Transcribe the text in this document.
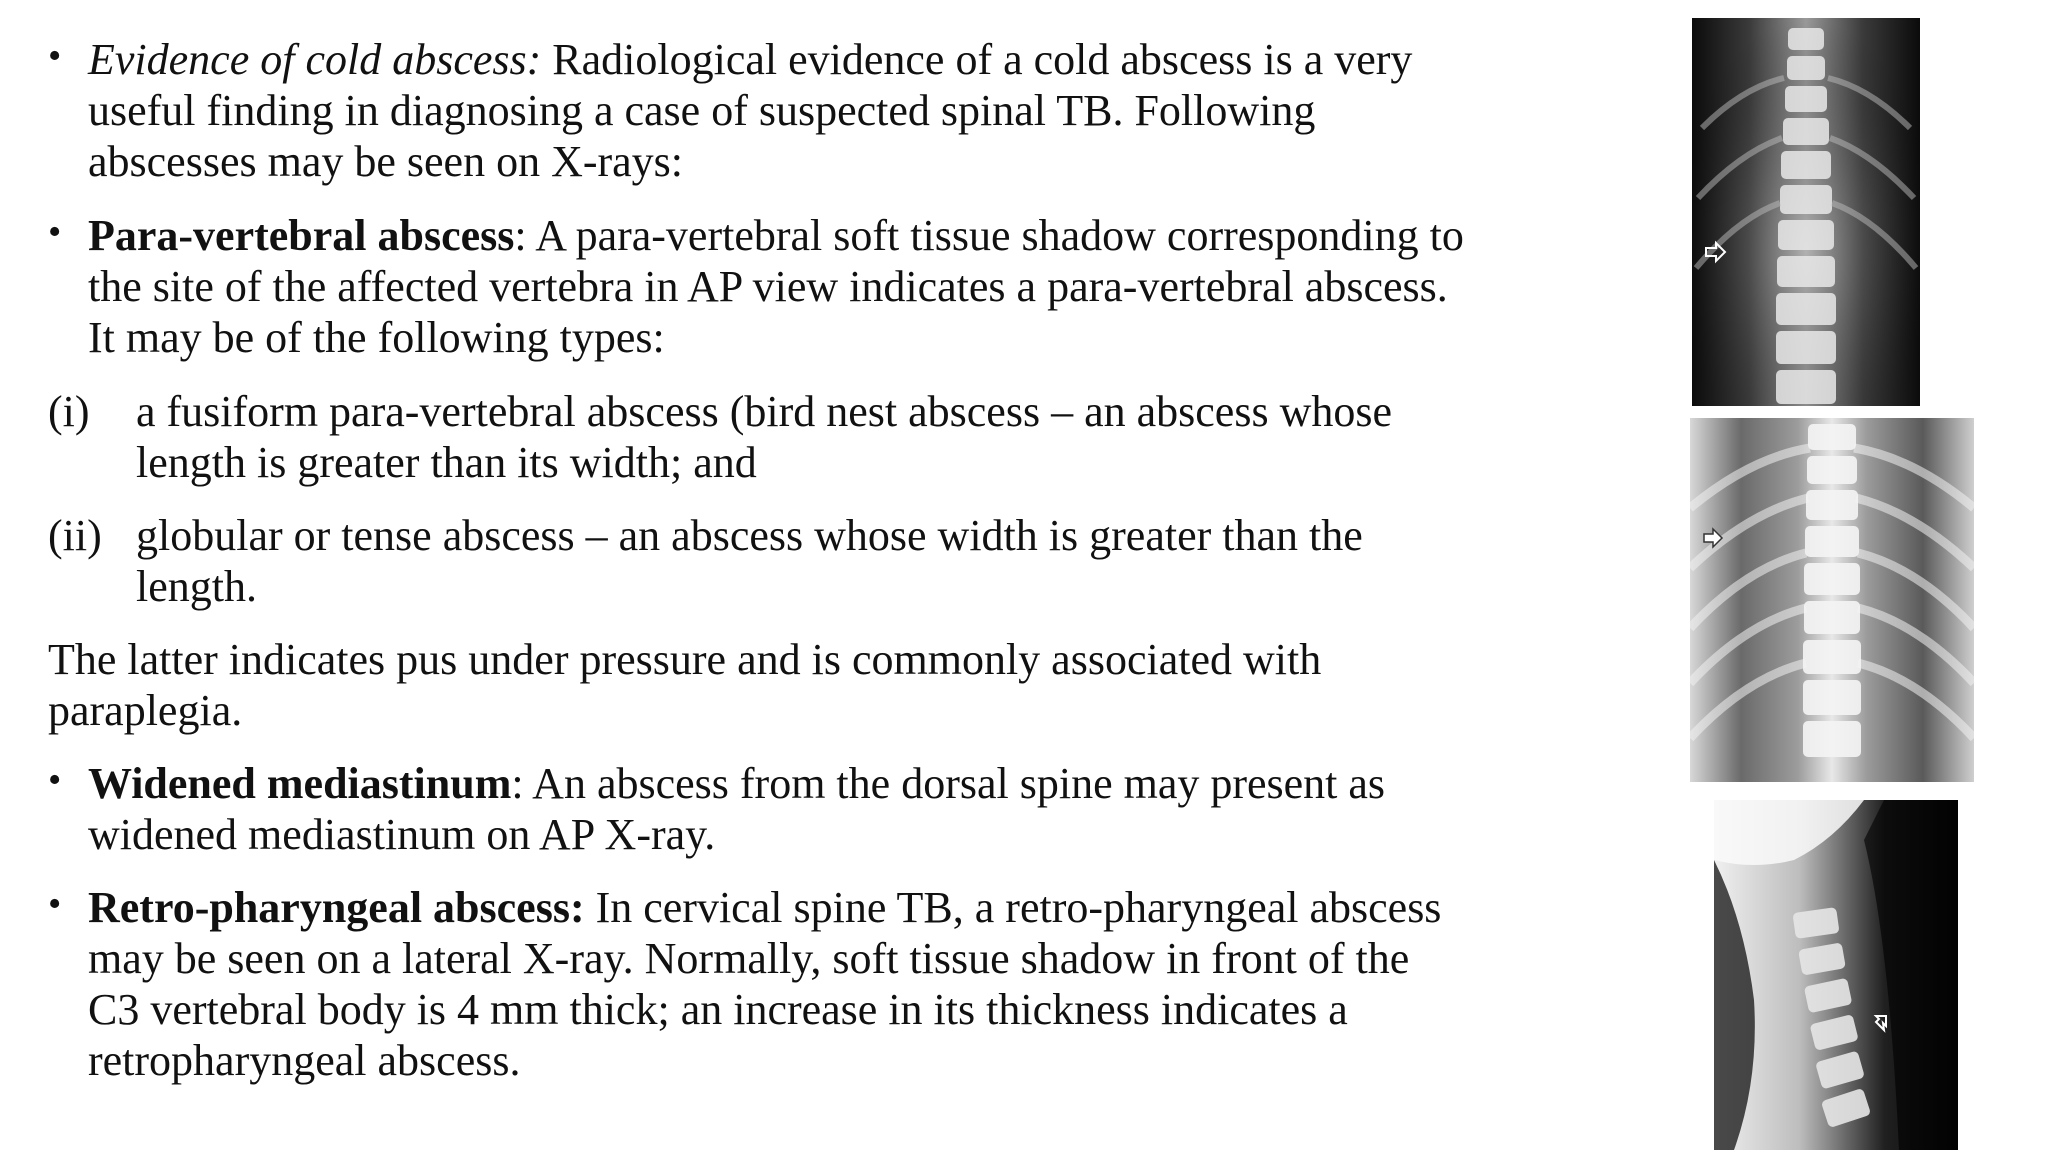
• Evidence of cold abscess: Radiological evidence of a cold abscess is a very
useful finding in diagnosing a case of suspected spinal TB. Following
abscesses may be seen on X-rays:

• Para-vertebral abscess: A para-vertebral soft tissue shadow corresponding to
the site of the affected vertebra in AP view indicates a para-vertebral abscess.
It may be of the following types:

(i) a fusiform para-vertebral abscess (bird nest abscess – an abscess whose
length is greater than its width; and

(ii) globular or tense abscess – an abscess whose width is greater than the
length.

The latter indicates pus under pressure and is commonly associated with
paraplegia.

• Widened mediastinum: An abscess from the dorsal spine may present as
widened mediastinum on AP X-ray.

• Retro-pharyngeal abscess: In cervical spine TB, a retro-pharyngeal abscess
may be seen on a lateral X-ray. Normally, soft tissue shadow in front of the
C3 vertebral body is 4 mm thick; an increase in its thickness indicates a
retropharyngeal abscess.
